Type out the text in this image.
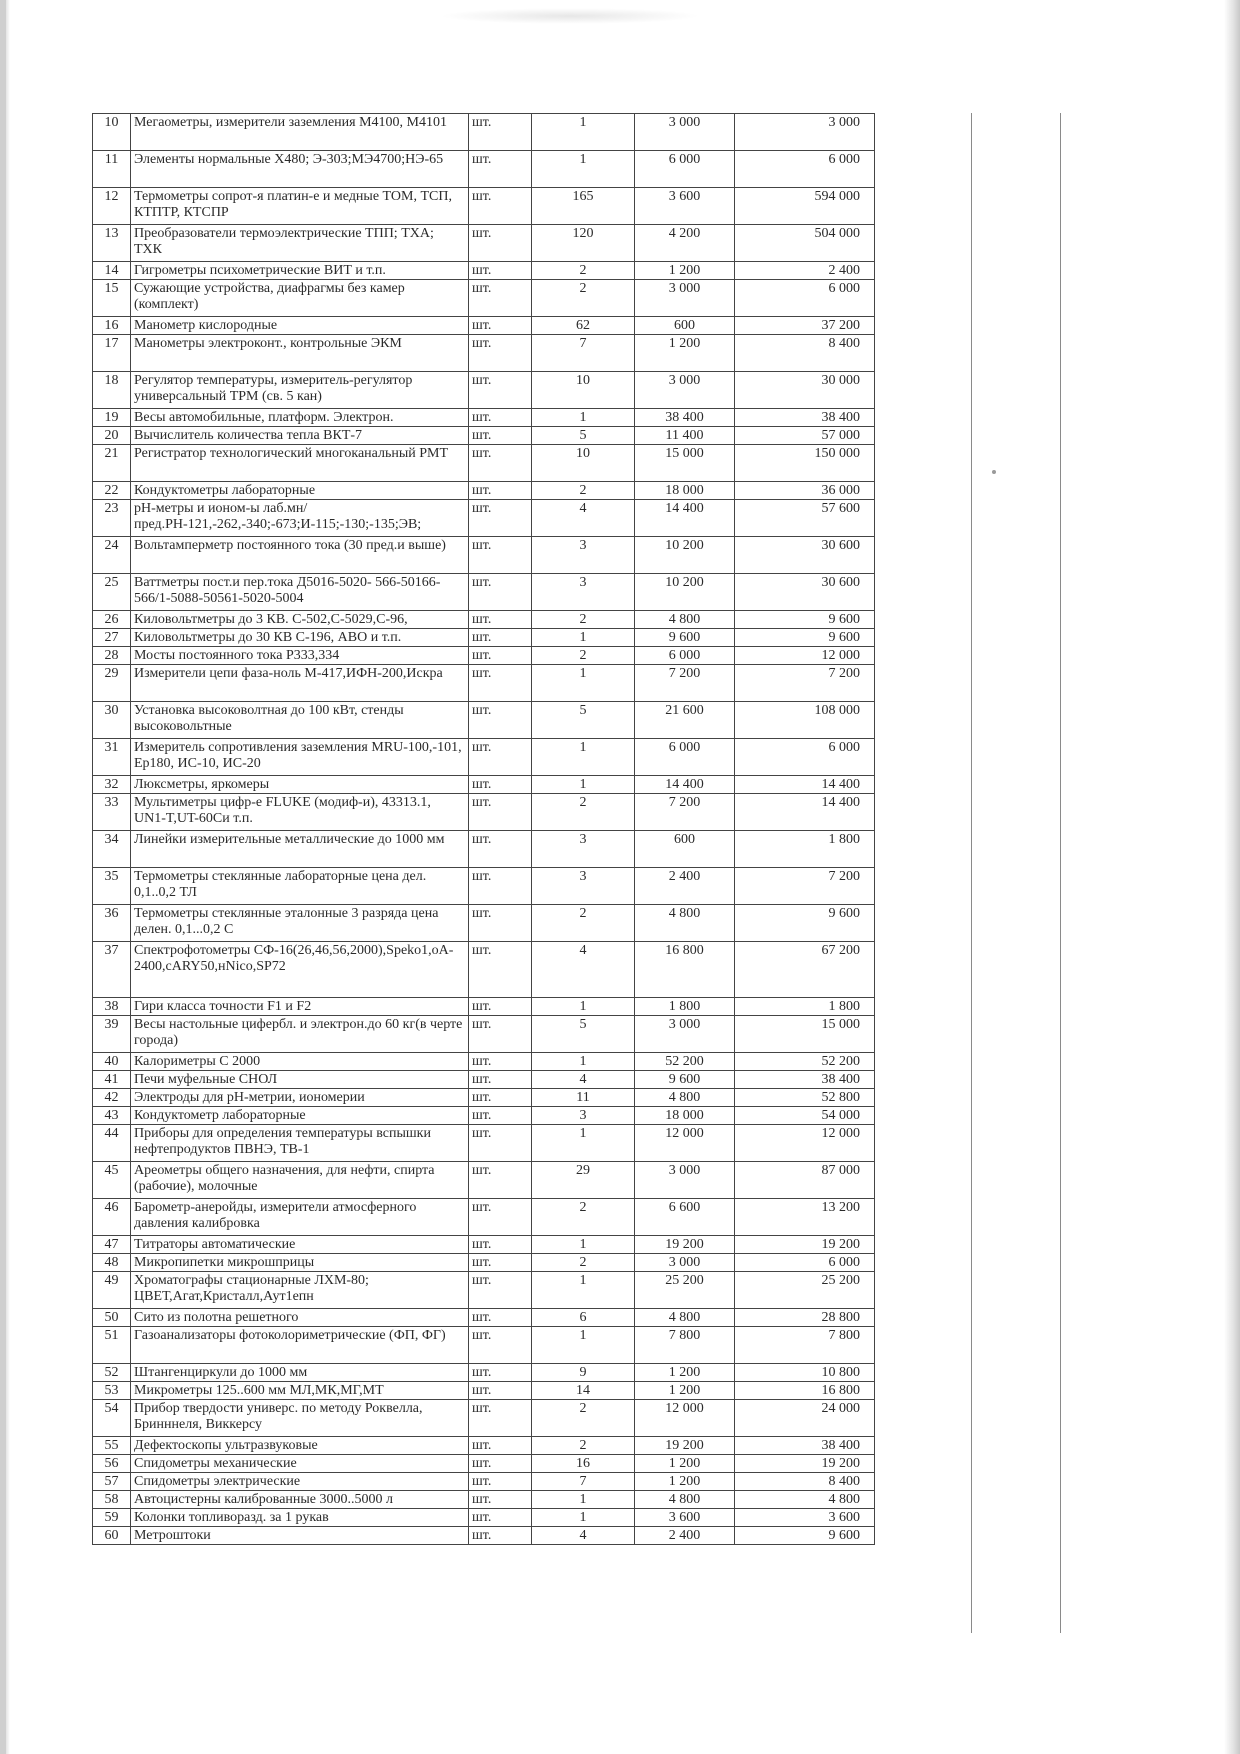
10	Мегаометры, измерители заземления М4100, М4101	шт.	1	3 000	3 000
11	Элементы нормальные Х480; Э-303;МЭ4700;НЭ-65	шт.	1	6 000	6 000
12	Термометры сопрот-я платин-е и медные ТОМ, ТСП, КТПТР, КТСПР	шт.	165	3 600	594 000
13	Преобразователи термоэлектрические ТПП; ТХА; ТХК	шт.	120	4 200	504 000
14	Гигрометры психометрические ВИТ и т.п.	шт.	2	1 200	2 400
15	Сужающие устройства, диафрагмы без камер (комплект)	шт.	2	3 000	6 000
16	Манометр кислородные	шт.	62	600	37 200
17	Манометры электроконт., контрольные ЭКМ	шт.	7	1 200	8 400
18	Регулятор температуры, измеритель-регулятор универсальный ТРМ (св. 5 кан)	шт.	10	3 000	30 000
19	Весы автомобильные, платформ. Электрон.	шт.	1	38 400	38 400
20	Вычислитель количества тепла ВКТ-7	шт.	5	11 400	57 000
21	Регистратор технологический многоканальный РМТ	шт.	10	15 000	150 000
22	Кондуктометры лабораторные	шт.	2	18 000	36 000
23	pH-метры и ионом-ы лаб.мн/пред.РН-121,-262,-340;-673;И-115;-130;-135;ЭВ;	шт.	4	14 400	57 600
24	Вольтамперметр постоянного тока (30 пред.и выше)	шт.	3	10 200	30 600
25	Ваттметры пост.и пер.тока Д5016-5020- 566-50166-566/1-5088-50561-5020-5004	шт.	3	10 200	30 600
26	Киловольтметры до 3 КВ. С-502,С-5029,С-96,	шт.	2	4 800	9 600
27	Киловольтметры до 30 КВ С-196, АВО и т.п.	шт.	1	9 600	9 600
28	Мосты постоянного тока Р333,334	шт.	2	6 000	12 000
29	Измерители цепи фаза-ноль М-417,ИФН-200,Искра	шт.	1	7 200	7 200
30	Установка высоковолтная до 100 кВт, стенды высоковольтные	шт.	5	21 600	108 000
31	Измеритель сопротивления заземления MRU-100,-101, Ер180, ИС-10, ИС-20	шт.	1	6 000	6 000
32	Люксметры, яркомеры	шт.	1	14 400	14 400
33	Мультиметры цифр-е FLUKE (модиф-и), 43313.1, UN1-T,UT-60Си т.п.	шт.	2	7 200	14 400
34	Линейки измерительные металлические до 1000 мм	шт.	3	600	1 800
35	Термометры стеклянные лабораторные цена дел. 0,1..0,2 ТЛ	шт.	3	2 400	7 200
36	Термометры стеклянные эталонные 3 разряда цена делен. 0,1...0,2 С	шт.	2	4 800	9 600
37	Спектрофотометры СФ-16(26,46,56,2000),Speko1,oA-2400,cARY50,нNico,SP72	шт.	4	16 800	67 200
38	Гири класса точности F1 и F2	шт.	1	1 800	1 800
39	Весы настольные цифербл. и электрон.до 60 кг(в черте города)	шт.	5	3 000	15 000
40	Калориметры С 2000	шт.	1	52 200	52 200
41	Печи муфельные СНОЛ	шт.	4	9 600	38 400
42	Электроды для pH-метрии, иономерии	шт.	11	4 800	52 800
43	Кондуктометр лабораторные	шт.	3	18 000	54 000
44	Приборы для определения температуры вспышки нефтепродуктов ПВНЭ, ТВ-1	шт.	1	12 000	12 000
45	Ареометры общего назначения, для нефти, спирта (рабочие), молочные	шт.	29	3 000	87 000
46	Барометр-анеройды, измерители атмосферного давления калибровка	шт.	2	6 600	13 200
47	Титраторы автоматические	шт.	1	19 200	19 200
48	Микропипетки микрошприцы	шт.	2	3 000	6 000
49	Хроматографы стационарные ЛХМ-80; ЦВЕТ,Агат,Кристалл,Аут1епн	шт.	1	25 200	25 200
50	Сито из полотна решетного	шт.	6	4 800	28 800
51	Газоанализаторы фотоколориметрические (ФП, ФГ)	шт.	1	7 800	7 800
52	Штангенциркули до 1000 мм	шт.	9	1 200	10 800
53	Микрометры 125..600 мм МЛ,МК,МГ,МТ	шт.	14	1 200	16 800
54	Прибор твердости универс. по методу Роквелла, Бринннеля, Виккерсу	шт.	2	12 000	24 000
55	Дефектоскопы ультразвуковые	шт.	2	19 200	38 400
56	Спидометры механические	шт.	16	1 200	19 200
57	Спидометры электрические	шт.	7	1 200	8 400
58	Автоцистерны калиброванные 3000..5000 л	шт.	1	4 800	4 800
59	Колонки топливоразд. за 1 рукав	шт.	1	3 600	3 600
60	Метроштоки	шт.	4	2 400	9 600
